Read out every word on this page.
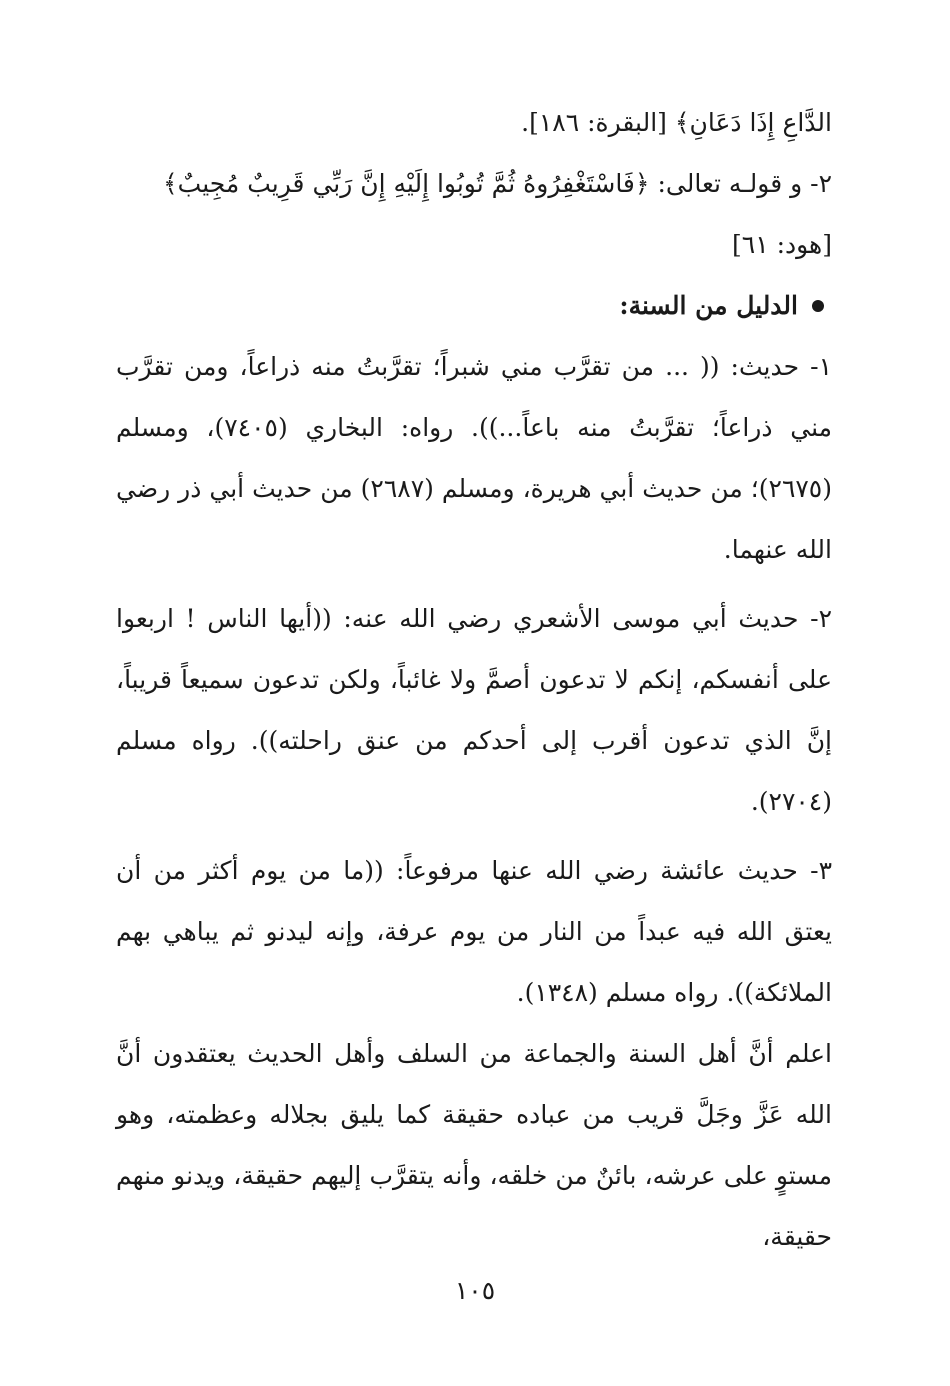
الدَّاعِ إِذَا دَعَانِ﴾ [البقرة: ١٨٦].

٢- و قولـه تعالى: ﴿فَاسْتَغْفِرُوهُ ثُمَّ تُوبُوا إِلَيْهِ إِنَّ رَبِّي قَرِيبٌ مُجِيبٌ﴾

[هود: ٦١]

الدليل من السنة:

١- حديث: (( ... من تقرَّب مني شبراً؛ تقرَّبتُ منه ذراعاً، ومن تقرَّب مني ذراعاً؛ تقرَّبتُ منه باعاً...)). رواه: البخاري (٧٤٠٥)، ومسلم (٢٦٧٥)؛ من حديث أبي هريرة، ومسلم (٢٦٨٧) من حديث أبي ذر رضي الله عنهما.

٢- حديث أبي موسى الأشعري رضي الله عنه: ((أيها الناس ! اربعوا على أنفسكم، إنكم لا تدعون أصمَّ ولا غائباً، ولكن تدعون سميعاً قريباً، إنَّ الذي تدعون أقرب إلى أحدكم من عنق راحلته)). رواه مسلم (٢٧٠٤).

٣- حديث عائشة رضي الله عنها مرفوعاً: ((ما من يوم أكثر من أن يعتق الله فيه عبداً من النار من يوم عرفة، وإنه ليدنو ثم يباهي بهم الملائكة)). رواه مسلم (١٣٤٨).

اعلم أنَّ أهل السنة والجماعة من السلف وأهل الحديث يعتقدون أنَّ الله عَزَّ وجَلَّ قريب من عباده حقيقة كما يليق بجلاله وعظمته، وهو مستوٍ على عرشه، بائنٌ من خلقه، وأنه يتقرَّب إليهم حقيقة، ويدنو منهم حقيقة،

١٠٥
